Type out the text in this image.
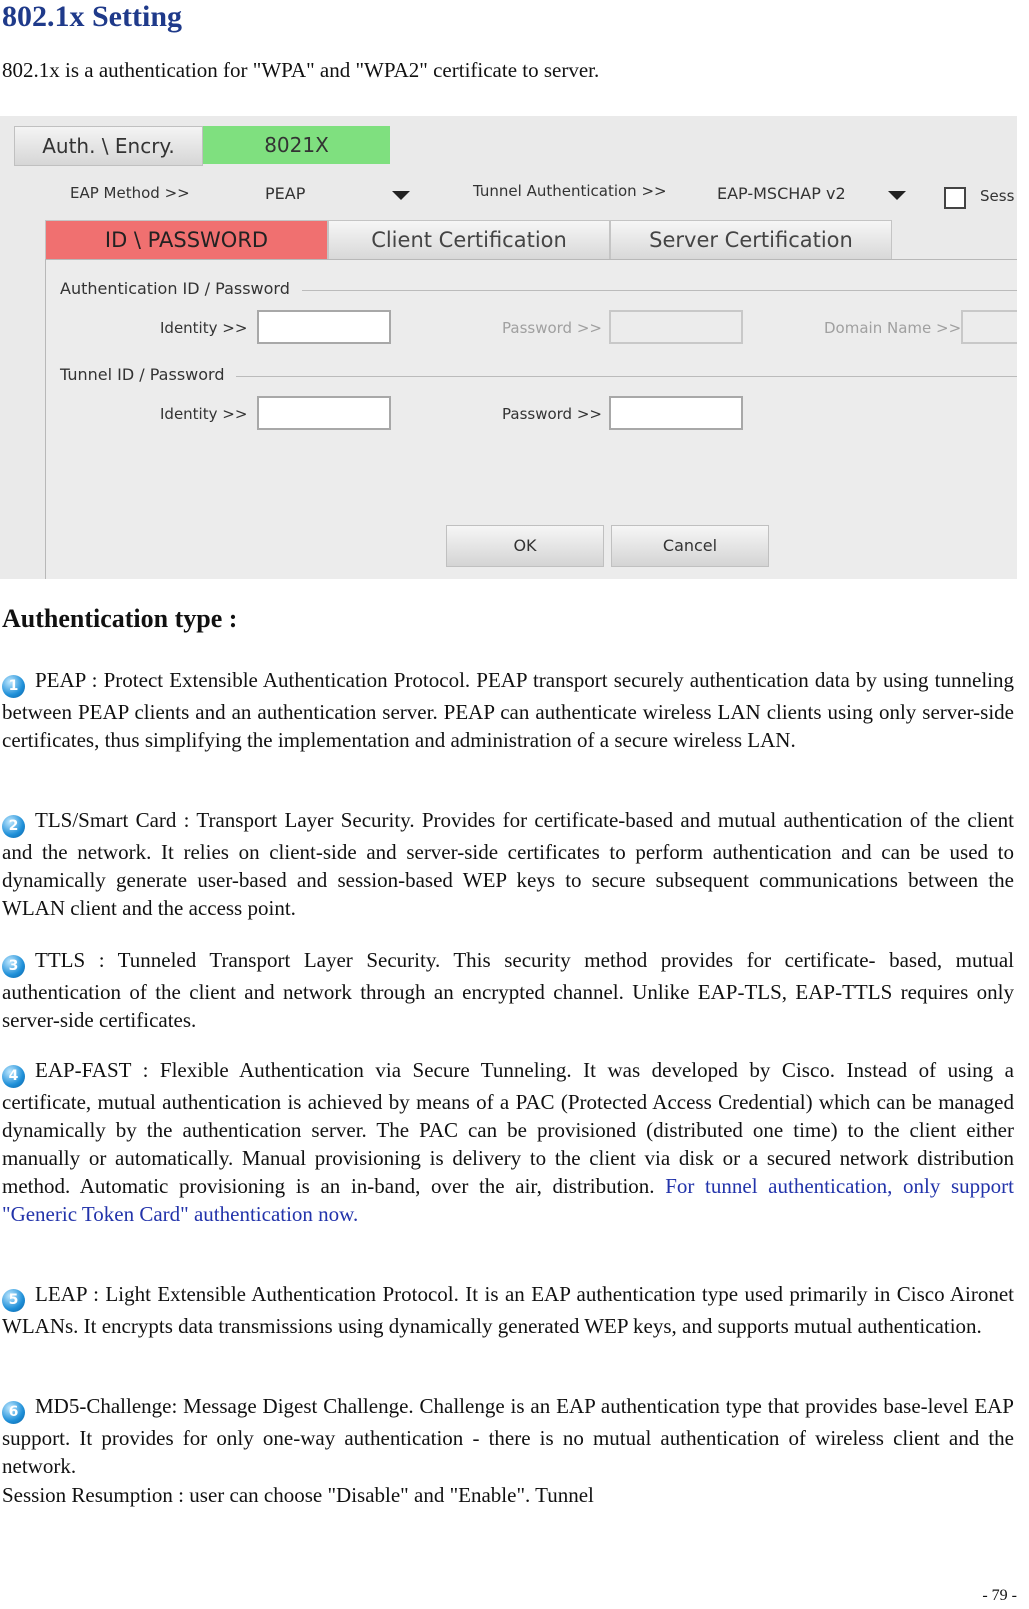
802.1x Setting
802.1x is a authentication for "WPA" and "WPA2" certificate to server.
Auth. \ Encry.	8021X
EAP Method >>	PEAP	Tunnel Authentication >>	EAP-MSCHAP v2	Sess
ID \ PASSWORD	Client Certification	Server Certification
Authentication ID / Password
Identity >>	Password >>	Domain Name >>
Tunnel ID / Password
Identity >>	Password >>
OK	Cancel
Authentication type :
1 PEAP : Protect Extensible Authentication Protocol. PEAP transport securely authentication data by using tunneling between PEAP clients and an authentication server. PEAP can authenticate wireless LAN clients using only server-side certificates, thus simplifying the implementation and administration of a secure wireless LAN.
2 TLS/Smart Card : Transport Layer Security. Provides for certificate-based and mutual authentication of the client and the network. It relies on client-side and server-side certificates to perform authentication and can be used to dynamically generate user-based and session-based WEP keys to secure subsequent communications between the WLAN client and the access point.
3 TTLS : Tunneled Transport Layer Security. This security method provides for certificate- based, mutual authentication of the client and network through an encrypted channel. Unlike EAP-TLS, EAP-TTLS requires only server-side certificates.
4 EAP-FAST : Flexible Authentication via Secure Tunneling. It was developed by Cisco. Instead of using a certificate, mutual authentication is achieved by means of a PAC (Protected Access Credential) which can be managed dynamically by the authentication server. The PAC can be provisioned (distributed one time) to the client either manually or automatically. Manual provisioning is delivery to the client via disk or a secured network distribution method. Automatic provisioning is an in-band, over the air, distribution. For tunnel authentication, only support "Generic Token Card" authentication now.
5 LEAP : Light Extensible Authentication Protocol. It is an EAP authentication type used primarily in Cisco Aironet WLANs. It encrypts data transmissions using dynamically generated WEP keys, and supports mutual authentication.
6 MD5-Challenge: Message Digest Challenge. Challenge is an EAP authentication type that provides base-level EAP support. It provides for only one-way authentication - there is no mutual authentication of wireless client and the network.
Session Resumption : user can choose "Disable" and "Enable". Tunnel
- 79 -
